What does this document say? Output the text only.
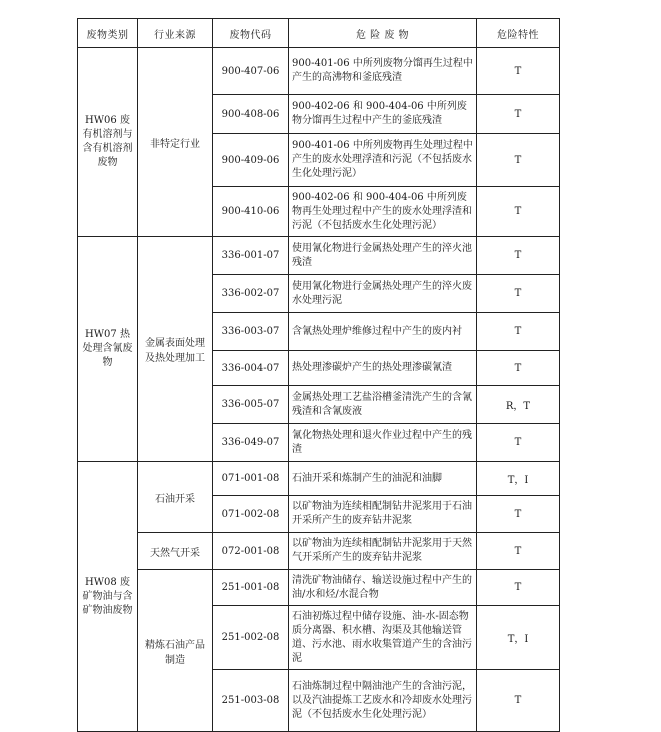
废物类别	行业来源	废物代码	危 险 废 物	危险特性
HW06 废有机溶剂与含有机溶剂废物	非特定行业	900-407-06	900-401-06 中所列废物分馏再生过程中产生的高沸物和釜底残渣	T
		900-408-06	900-402-06 和 900-404-06 中所列废物分馏再生过程中产生的釜底残渣	T
		900-409-06	900-401-06 中所列废物再生处理过程中产生的废水处理浮渣和污泥（不包括废水生化处理污泥）	T
		900-410-06	900-402-06 和 900-404-06 中所列废物再生处理过程中产生的废水处理浮渣和污泥（不包括废水生化处理污泥）	T
HW07 热处理含氰废物	金属表面处理及热处理加工	336-001-07	使用氰化物进行金属热处理产生的淬火池残渣	T
		336-002-07	使用氰化物进行金属热处理产生的淬火废水处理污泥	T
		336-003-07	含氰热处理炉维修过程中产生的废内衬	T
		336-004-07	热处理渗碳炉产生的热处理渗碳氰渣	T
		336-005-07	金属热处理工艺盐浴槽釜清洗产生的含氰残渣和含氰废液	R，T
		336-049-07	氰化物热处理和退火作业过程中产生的残渣	T
HW08 废矿物油与含矿物油废物	石油开采	071-001-08	石油开采和炼制产生的油泥和油脚	T，I
		071-002-08	以矿物油为连续相配制钻井泥浆用于石油开采所产生的废弃钻井泥浆	T
	天然气开采	072-001-08	以矿物油为连续相配制钻井泥浆用于天然气开采所产生的废弃钻井泥浆	T
	精炼石油产品制造	251-001-08	清洗矿物油储存、输送设施过程中产生的油/水和烃/水混合物	T
		251-002-08	石油初炼过程中储存设施、油-水-固态物质分离器、积水槽、沟渠及其他输送管道、污水池、雨水收集管道产生的含油污泥	T，I
		251-003-08	石油炼制过程中隔油池产生的含油污泥，以及汽油提炼工艺废水和冷却废水处理污泥（不包括废水生化处理污泥）	T
